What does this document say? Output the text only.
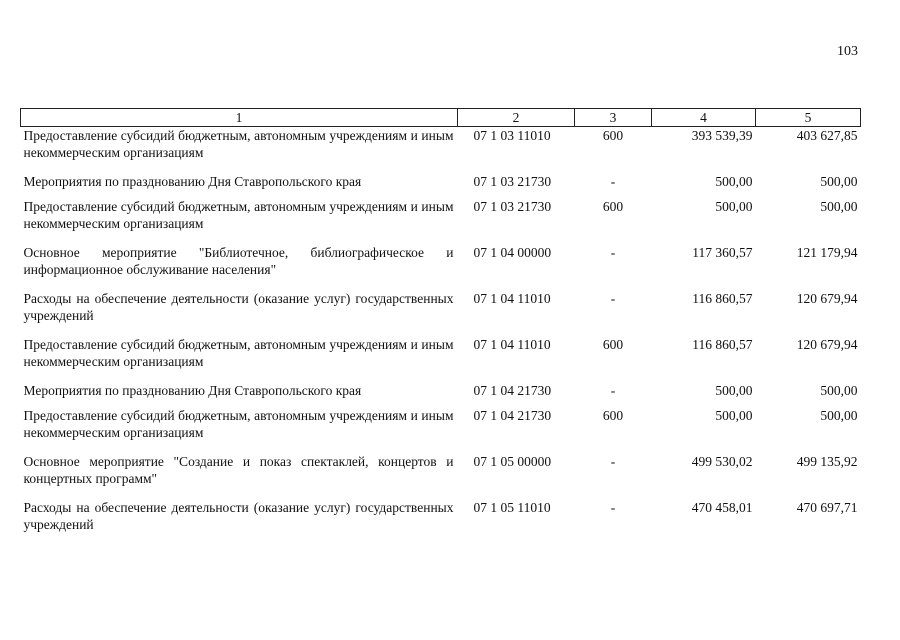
103
1	2	3	4	5
Предоставление субсидий бюджетным, автономным учреждениям и иным некоммерческим организациям	07 1 03 11010	600	393 539,39	403 627,85
Мероприятия по празднованию Дня Ставропольского края	07 1 03 21730	-	500,00	500,00
Предоставление субсидий бюджетным, автономным учреждениям и иным некоммерческим организациям	07 1 03 21730	600	500,00	500,00
Основное мероприятие "Библиотечное, библиографическое и информационное обслуживание населения"	07 1 04 00000	-	117 360,57	121 179,94
Расходы на обеспечение деятельности (оказание услуг) государственных учреждений	07 1 04 11010	-	116 860,57	120 679,94
Предоставление субсидий бюджетным, автономным учреждениям и иным некоммерческим организациям	07 1 04 11010	600	116 860,57	120 679,94
Мероприятия по празднованию Дня Ставропольского края	07 1 04 21730	-	500,00	500,00
Предоставление субсидий бюджетным, автономным учреждениям и иным некоммерческим организациям	07 1 04 21730	600	500,00	500,00
Основное мероприятие "Создание и показ спектаклей, концертов и концертных программ"	07 1 05 00000	-	499 530,02	499 135,92
Расходы на обеспечение деятельности (оказание услуг) государственных учреждений	07 1 05 11010	-	470 458,01	470 697,71
